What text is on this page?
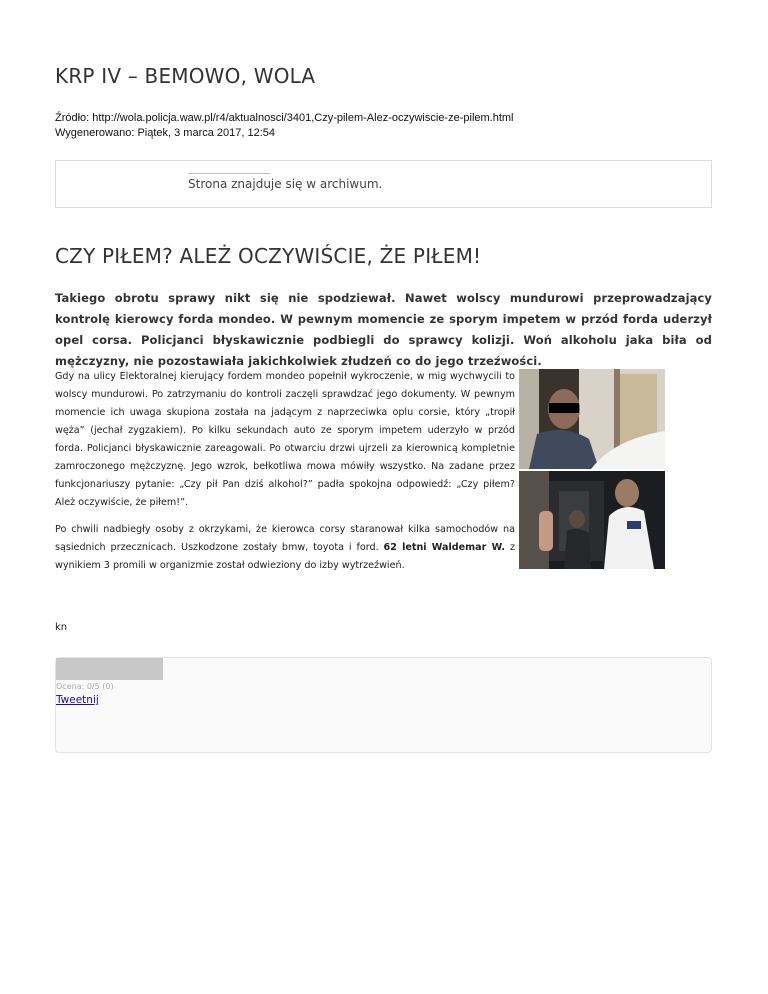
KRP IV – BEMOWO, WOLA
Źródło: http://wola.policja.waw.pl/r4/aktualnosci/3401,Czy-pilem-Alez-oczywiscie-ze-pilem.html
Wygenerowano: Piątek, 3 marca 2017, 12:54
Strona znajduje się w archiwum.
CZY PIŁEM? ALEŻ OCZYWIŚCIE, ŻE PIŁEM!

Takiego obrotu sprawy nikt się nie spodziewał. Nawet wolscy mundurowi przeprowadzający kontrolę kierowcy forda mondeo. W pewnym momencie ze sporym impetem w przód forda uderzył opel corsa. Policjanci błyskawicznie podbiegli do sprawcy kolizji. Woń alkoholu jaka biła od mężczyzny, nie pozostawiała jakichkolwiek złudzeń co do jego trzeźwości.

Gdy na ulicy Elektoralnej kierujący fordem mondeo popełnił wykroczenie, w mig wychwycili to wolscy mundurowi. Po zatrzymaniu do kontroli zaczęli sprawdzać jego dokumenty. W pewnym momencie ich uwaga skupiona została na jadącym z naprzeciwka oplu corsie, który „tropił węża” (jechał zygzakiem). Po kilku sekundach auto ze sporym impetem uderzyło w przód forda. Policjanci błyskawicznie zareagowali. Po otwarciu drzwi ujrzeli za kierownicą kompletnie zamroczonego mężczyznę. Jego wzrok, bełkotliwa mowa mówiły wszystko. Na zadane przez funkcjonariuszy pytanie: „Czy pił Pan dziś alkohol?” padła spokojna odpowiedź: „Czy piłem? Ależ oczywiście, że piłem!”.

Po chwili nadbiegły osoby z okrzykami, że kierowca corsy staranował kilka samochodów na sąsiednich przecznicach. Uszkodzone zostały bmw, toyota i ford. 62 letni Waldemar W. z wynikiem 3 promili w organizmie został odwieziony do izby wytrzeźwień.

kn
Ocena: 0/5 (0)
Tweetnij
